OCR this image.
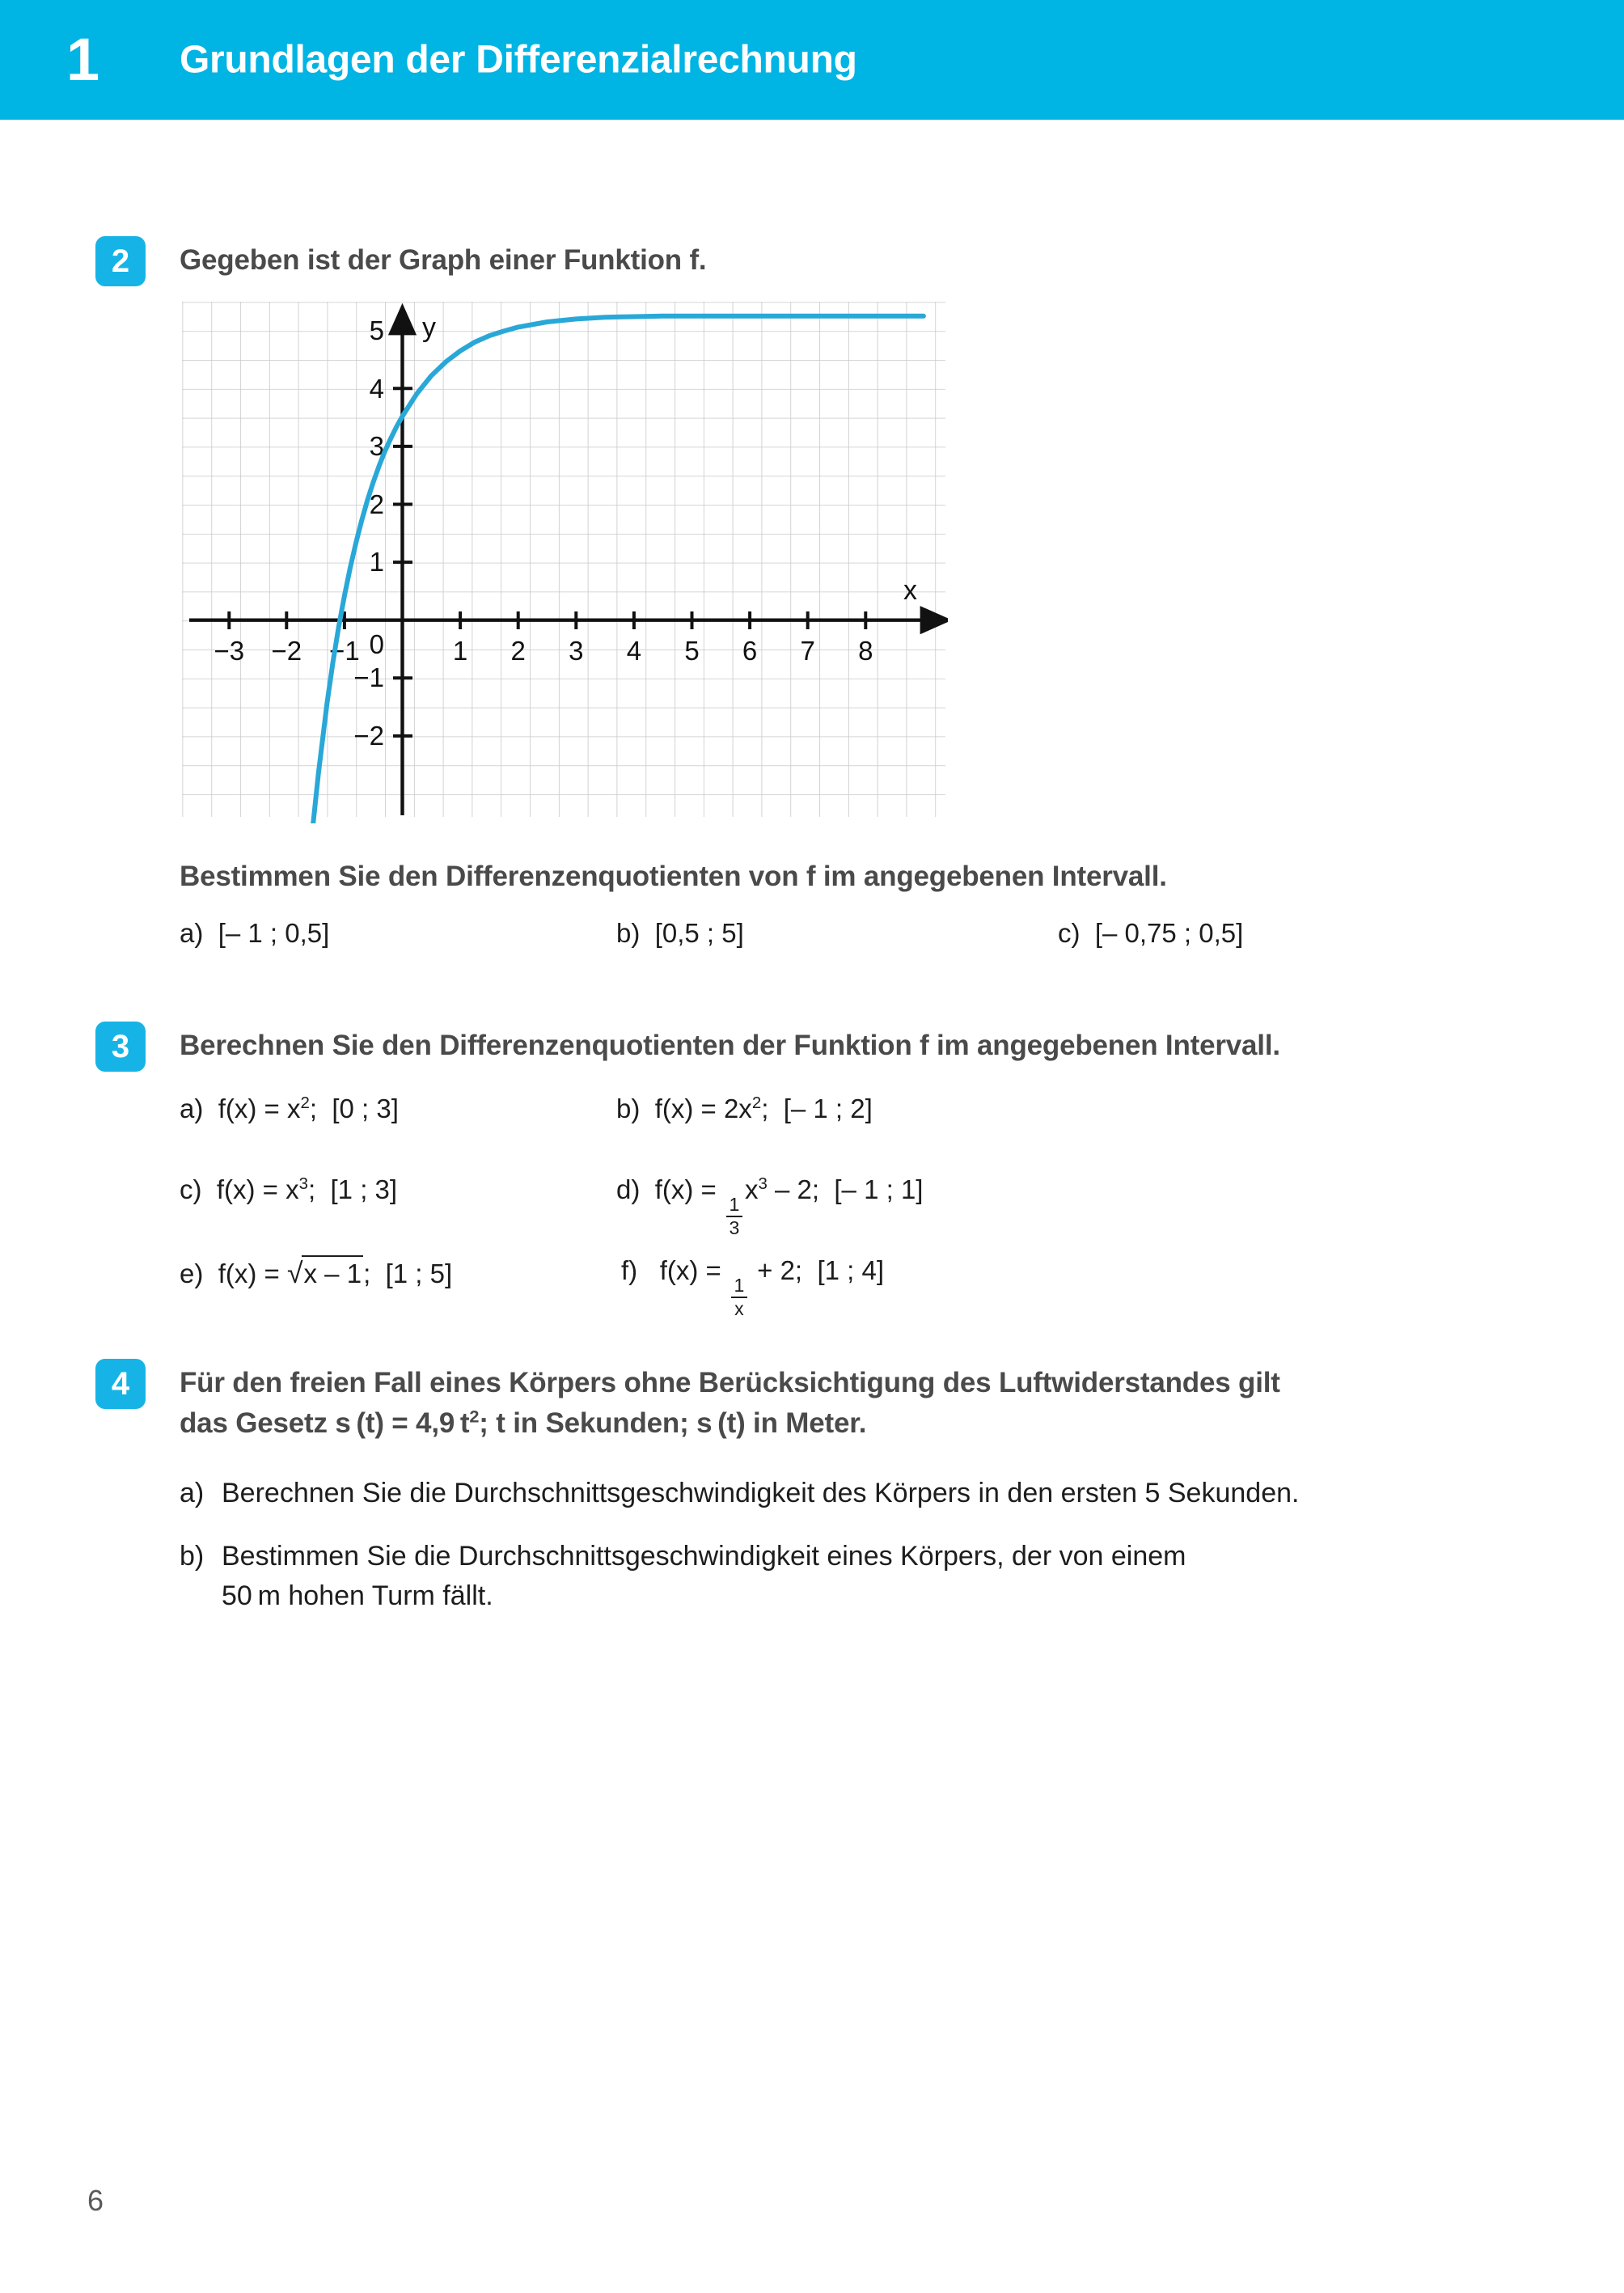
1 Grundlagen der Differenzialrechnung
2	Gegeben ist der Graph einer Funktion f.
−3 −2 −1	1 2 3 4 5 6 7 8
1
2
3
4
5
−1
−2
0
y
x
Bestimmen Sie den Differenzenquotienten von f im angegebenen Intervall.
a) [– 1 ; 0,5]	b) [0,5 ; 5]	c) [– 0,75 ; 0,5]
3	Berechnen Sie den Differenzenquotienten der Funktion f im angegebenen Intervall.
a) $f(x) = x^2$; [0 ; 3]	b) $f(x) = 2x^2$; [– 1 ; 2]
c) $f(x) = x^3$; [1 ; 3]	d) f(x) =
$\frac{1}{3}$
$x^3 - 2$; [– 1 ; 1]
e) f(x) = √x – 1; [1 ; 5]	f) f(x) =
$\frac{1}{x}$
+ 2; [1 ; 4]
4	Für den freien Fall eines Körpers ohne Berücksichtigung des Luftwiderstandes gilt
das Gesetz s (t) = 4,9 $t^2$; t in Sekunden; s (t) in Meter.
a) Berechnen Sie die Durchschnittsgeschwindigkeit des Körpers in den ersten 5 Sekunden.
b) Bestimmen Sie die Durchschnittsgeschwindigkeit eines Körpers, der von einem
50 m hohen Turm fällt.
6
